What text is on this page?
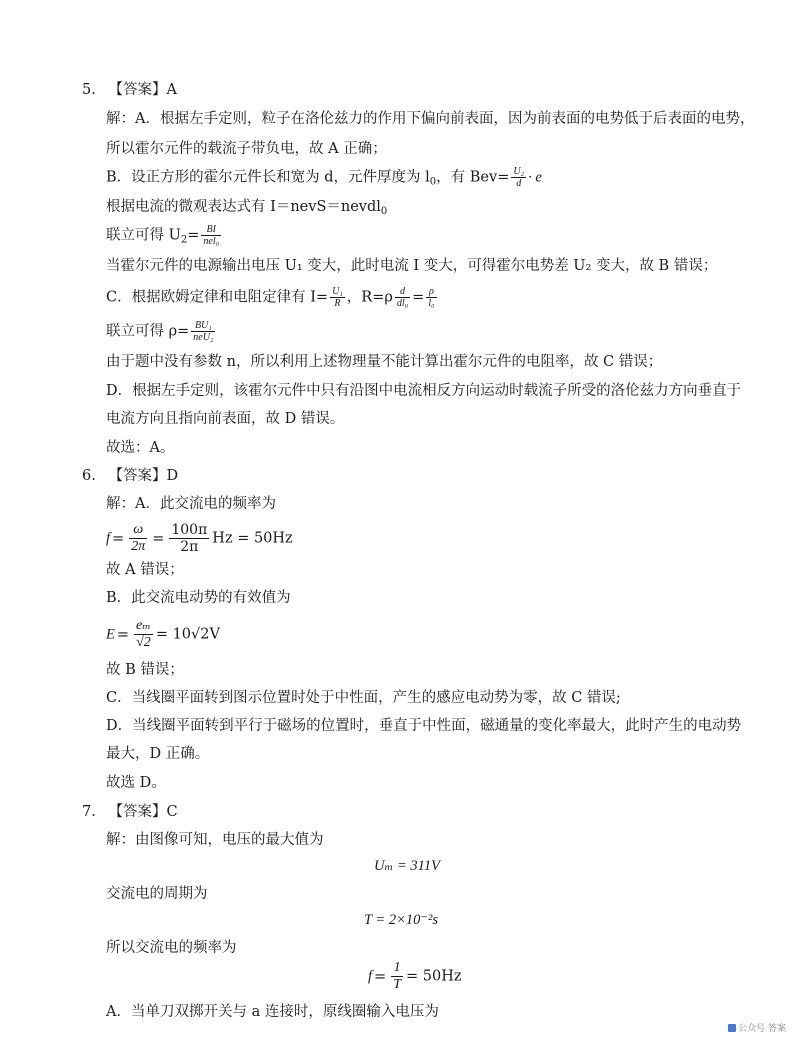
5. 【答案】A
解：A．根据左手定则，粒子在洛伦兹力的作用下偏向前表面，因为前表面的电势低于后表面的电势，
所以霍尔元件的载流子带负电，故 A 正确；
B．设正方形的霍尔元件长和宽为 d，元件厚度为 $l_0$，有 $Bev= \frac{\text{U₂}}{d} \cdot e$
根据电流的微观表达式有 I＝nevS＝nevdl$_0$
联立可得 $U_2= \frac{BI}{\text{nel₀}}$
当霍尔元件的电源输出电压 U₁ 变大，此时电流 I 变大，可得霍尔电势差 U₂ 变大，故 B 错误；
C．根据欧姆定律和电阻定律有 $I= \frac{\text{U₁}}{R}$ ，$R=\rho \frac{d}{\text{dl₀}} = \frac{\rho}{\text{l₀}}$
联立可得 $\rho= \frac{\text{BU₁}}{\text{neU₂}}$
由于题中没有参数 n，所以利用上述物理量不能计算出霍尔元件的电阻率，故 C 错误；
D．根据左手定则，该霍尔元件中只有沿图中电流相反方向运动时载流子所受的洛伦兹力方向垂直于
电流方向且指向前表面，故 D 错误。
故选：A。
6. 【答案】D
解：A．此交流电的频率为
$f = \frac{\omega}{2\pi} = \frac{100\pi}{2\pi}$ Hz = 50Hz
故 A 错误；
B．此交流电动势的有效值为
$E = \frac{\text{eₘ}}{√2} = 10√2V$
故 B 错误；
C．当线圈平面转到图示位置时处于中性面，产生的感应电动势为零，故 C 错误;
D．当线圈平面转到平行于磁场的位置时，垂直于中性面，磁通量的变化率最大，此时产生的电动势
最大，D 正确。
故选 D。
7. 【答案】C
解：由图像可知，电压的最大值为
Uₘ = 311V
交流电的周期为
T = 2×10⁻²s
所以交流电的频率为
$f = \frac{1}{T} = 50Hz$
A．当单刀双掷开关与 a 连接时，原线圈输入电压为
公众号 答案
